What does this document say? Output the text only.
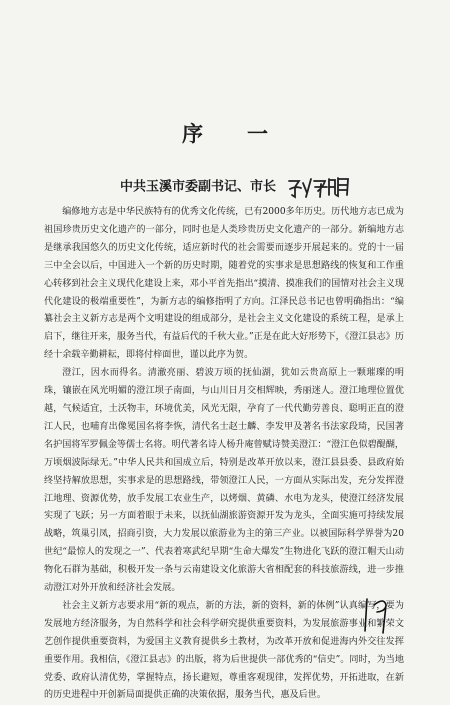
序 一
中共玉溪市委副书记、市长

编修地方志是中华民族特有的优秀文化传统，已有2000多年历史。历代地方志已成为祖国珍贵历史文化遗产的一部分，同时也是人类珍贵历史文化遗产的一部分。新编地方志是继承我国悠久的历史文化传统，适应新时代的社会需要而逐步开展起来的。党的十一届三中全会以后，中国进入一个新的历史时期，随着党的实事求是思想路线的恢复和工作重心转移到社会主义现代化建设上来，邓小平首先指出“摸清、摸准我们的国情对社会主义现代化建设的极端重要性”，为新方志的编修指明了方向。江泽民总书记也曾明确指出：“编纂社会主义新方志是两个文明建设的组成部分，是社会主义文化建设的系统工程，是承上启下，继往开来，服务当代，有益后代的千秋大业。”正是在此大好形势下，《澄江县志》历经十余载辛勤耕耘，即将付梓面世，谨以此序为贺。

澄江，因水而得名。清澈亮丽、碧波万顷的抚仙湖，犹如云贵高原上一颗璀璨的明珠，镶嵌在风光明媚的澄江坝子南面，与山川日月交相辉映，秀丽迷人。澄江地理位置优越，气候适宜，土沃物丰，环境优美，风光无限，孕育了一代代勤劳善良、聪明正直的澄江人民，也哺育出像冕国名将李恢，清代名士赵士麟、李发甲及著名书法家段琦，民国著名护国将军罗佩金等儒士名将。明代著名诗人杨升庵曾赋诗赞美澄江：“澄江色似碧醍醐，万顷烟波际绿无。”中华人民共和国成立后，特别是改革开放以来，澄江县县委、县政府始终坚持解放思想，实事求是的思想路线，带领澄江人民，一方面从实际出发，充分发挥澄江地理、资源优势，放手发展工农业生产，以烤烟、黄磷、水电为龙头，使澄江经济发展实现了飞跃；另一方面着眼于未来，以抚仙湖旅游资源开发为龙头，全面实施可持续发展战略，筑巢引凤，招商引资，大力发展以旅游业为主的第三产业。以被国际科学界誉为20世纪“最惊人的发现之一”、代表着寒武纪早期“生命大爆发”生物进化飞跃的澄江帽天山动物化石群为基础，积极开发一条与云南建设文化旅游大省相配套的科技旅游线，进一步推动澄江对外开放和经济社会发展。

社会主义新方志要求用“新的观点，新的方法，新的资料，新的体例”认真编写，要为发展地方经济服务，为自然科学和社会科学研究提供重要资料，为发展旅游事业和繁荣文艺创作提供重要资料，为爱国主义教育提供乡土教材，为改革开放和促进海内外交往发挥重要作用。我相信，《澄江县志》的出版，将为后世提供一部优秀的“信史”。同时，为当地党委、政府认清优势，掌握特点，扬长避短，尊重客观现律，发挥优势，开拓进取，在新的历史进程中开创新局面提供正确的决策依据，服务当代，惠及后世。
